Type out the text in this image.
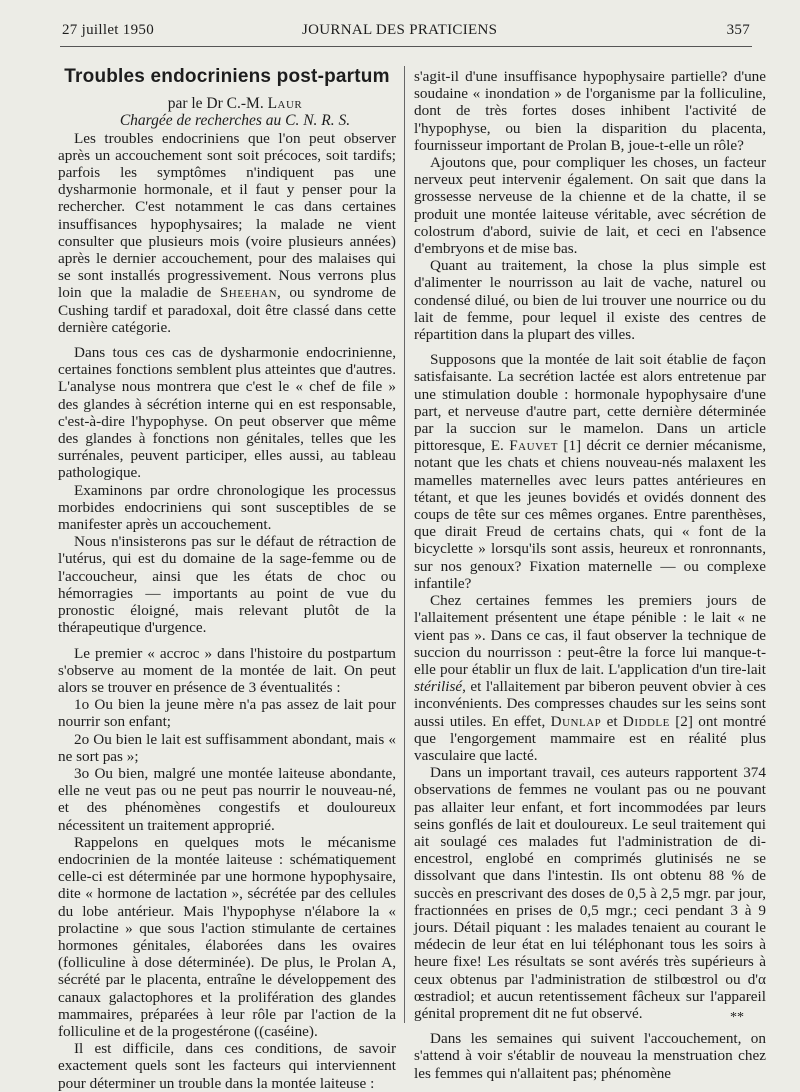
27 juillet 1950	JOURNAL DES PRATICIENS	357
Troubles endocriniens post-partum

par le Dr C.-M. Laur

Chargée de recherches au C. N. R. S.

Les troubles endocriniens que l'on peut observer après un accouchement sont soit précoces, soit tardifs; parfois les symptômes n'indiquent pas une dysharmonie hormonale, et il faut y penser pour la rechercher. C'est notamment le cas dans certaines insuffisances hypophysaires; la malade ne vient consulter que plusieurs mois (voire plusieurs années) après le dernier accouchement, pour des malaises qui se sont installés progressivement. Nous verrons plus loin que la maladie de Sheehan, ou syndrome de Cushing tardif et paradoxal, doit être classé dans cette dernière catégorie.

Dans tous ces cas de dysharmonie endocrinienne, certaines fonctions semblent plus atteintes que d'autres. L'analyse nous montrera que c'est le « chef de file » des glandes à sécrétion interne qui en est responsable, c'est-à-dire l'hypophyse. On peut observer que même des glandes à fonctions non génitales, telles que les surrénales, peuvent participer, elles aussi, au tableau pathologique.

Examinons par ordre chronologique les processus morbides endocriniens qui sont susceptibles de se manifester après un accouchement.

Nous n'insisterons pas sur le défaut de rétraction de l'utérus, qui est du domaine de la sage-femme ou de l'accoucheur, ainsi que les états de choc ou hémorragies — importants au point de vue du pronostic éloigné, mais relevant plutôt de la thérapeutique d'urgence.

Le premier « accroc » dans l'histoire du postpartum s'observe au moment de la montée de lait. On peut alors se trouver en présence de 3 éventualités :

1o Ou bien la jeune mère n'a pas assez de lait pour nourrir son enfant;

2o Ou bien le lait est suffisamment abondant, mais « ne sort pas »;

3o Ou bien, malgré une montée laiteuse abondante, elle ne veut pas ou ne peut pas nourrir le nouveau-né, et des phénomènes congestifs et douloureux nécessitent un traitement approprié.

Rappelons en quelques mots le mécanisme endocrinien de la montée laiteuse : schématiquement celle-ci est déterminée par une hormone hypophysaire, dite « hormone de lactation », sécrétée par des cellules du lobe antérieur. Mais l'hypophyse n'élabore la « prolactine » que sous l'action stimulante de certaines hormones génitales, élaborées dans les ovaires (folliculine à dose déterminée). De plus, le Prolan A, sécrété par le placenta, entraîne le développement des canaux galactophores et la prolifération des glandes mammaires, préparées à leur rôle par l'action de la folliculine et de la progestérone ((caséine).

Il est difficile, dans ces conditions, de savoir exactement quels sont les facteurs qui interviennent pour déterminer un trouble dans la montée laiteuse :

s'agit-il d'une insuffisance hypophysaire partielle? d'une soudaine « inondation » de l'organisme par la folliculine, dont de très fortes doses inhibent l'activité de l'hypophyse, ou bien la disparition du placenta, fournisseur important de Prolan B, joue-t-elle un rôle?

Ajoutons que, pour compliquer les choses, un facteur nerveux peut intervenir également. On sait que dans la grossesse nerveuse de la chienne et de la chatte, il se produit une montée laiteuse véritable, avec sécrétion de colostrum d'abord, suivie de lait, et ceci en l'absence d'embryons et de mise bas.

Quant au traitement, la chose la plus simple est d'alimenter le nourrisson au lait de vache, naturel ou condensé dilué, ou bien de lui trouver une nourrice ou du lait de femme, pour lequel il existe des centres de répartition dans la plupart des villes.

Supposons que la montée de lait soit établie de façon satisfaisante. La secrétion lactée est alors entretenue par une stimulation double : hormonale hypophysaire d'une part, et nerveuse d'autre part, cette dernière déterminée par la succion sur le mamelon. Dans un article pittoresque, E. Fauvet [1] décrit ce dernier mécanisme, notant que les chats et chiens nouveau-nés malaxent les mamelles maternelles avec leurs pattes antérieures en tétant, et que les jeunes bovidés et ovidés donnent des coups de tête sur ces mêmes organes. Entre parenthèses, que dirait Freud de certains chats, qui « font de la bicyclette » lorsqu'ils sont assis, heureux et ronronnants, sur nos genoux? Fixation maternelle — ou complexe infantile?

Chez certaines femmes les premiers jours de l'allaitement présentent une étape pénible : le lait « ne vient pas ». Dans ce cas, il faut observer la technique de succion du nourrisson : peut-être la force lui manque-t-elle pour établir un flux de lait. L'application d'un tire-lait stérilisé, et l'allaitement par biberon peuvent obvier à ces inconvénients. Des compresses chaudes sur les seins sont aussi utiles. En effet, Dunlap et Diddle [2] ont montré que l'engorgement mammaire est en réalité plus vasculaire que lacté.

Dans un important travail, ces auteurs rapportent 374 observations de femmes ne voulant pas ou ne pouvant pas allaiter leur enfant, et fort incommodées par leurs seins gonflés de lait et douloureux. Le seul traitement qui ait soulagé ces malades fut l'administration de di-encestrol, englobé en comprimés glutinisés ne se dissolvant que dans l'intestin. Ils ont obtenu 88 % de succès en prescrivant des doses de 0,5 à 2,5 mgr. par jour, fractionnées en prises de 0,5 mgr.; ceci pendant 3 à 9 jours. Détail piquant : les malades tenaient au courant le médecin de leur état en lui téléphonant tous les soirs à heure fixe! Les résultats se sont avérés très supérieurs à ceux obtenus par l'administration de stilbœstrol ou d'α œstradiol; et aucun retentissement fâcheux sur l'appareil génital proprement dit ne fut observé.

Dans les semaines qui suivent l'accouchement, on s'attend à voir s'établir de nouveau la menstruation chez les femmes qui n'allaitent pas; phénomène

**
